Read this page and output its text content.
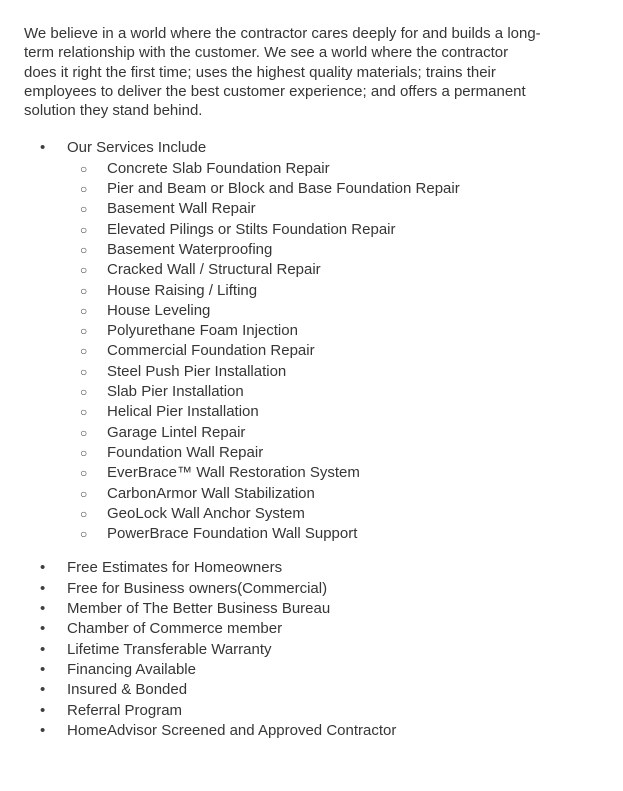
We believe in a world where the contractor cares deeply for and builds a long-
term relationship with the customer. We see a world where the contractor
does it right the first time; uses the highest quality materials; trains their
employees to deliver the best customer experience; and offers a permanent
solution they stand behind.
• Our Services Include
○ Concrete Slab Foundation Repair
○ Pier and Beam or Block and Base Foundation Repair
○ Basement Wall Repair
○ Elevated Pilings or Stilts Foundation Repair
○ Basement Waterproofing
○ Cracked Wall / Structural Repair
○ House Raising / Lifting
○ House Leveling
○ Polyurethane Foam Injection
○ Commercial Foundation Repair
○ Steel Push Pier Installation
○ Slab Pier Installation
○ Helical Pier Installation
○ Garage Lintel Repair
○ Foundation Wall Repair
○ EverBrace™ Wall Restoration System
○ CarbonArmor Wall Stabilization
○ GeoLock Wall Anchor System
○ PowerBrace Foundation Wall Support
• Free Estimates for Homeowners
• Free for Business owners(Commercial)
• Member of The Better Business Bureau
• Chamber of Commerce member
• Lifetime Transferable Warranty
• Financing Available
• Insured & Bonded
• Referral Program
• HomeAdvisor Screened and Approved Contractor
